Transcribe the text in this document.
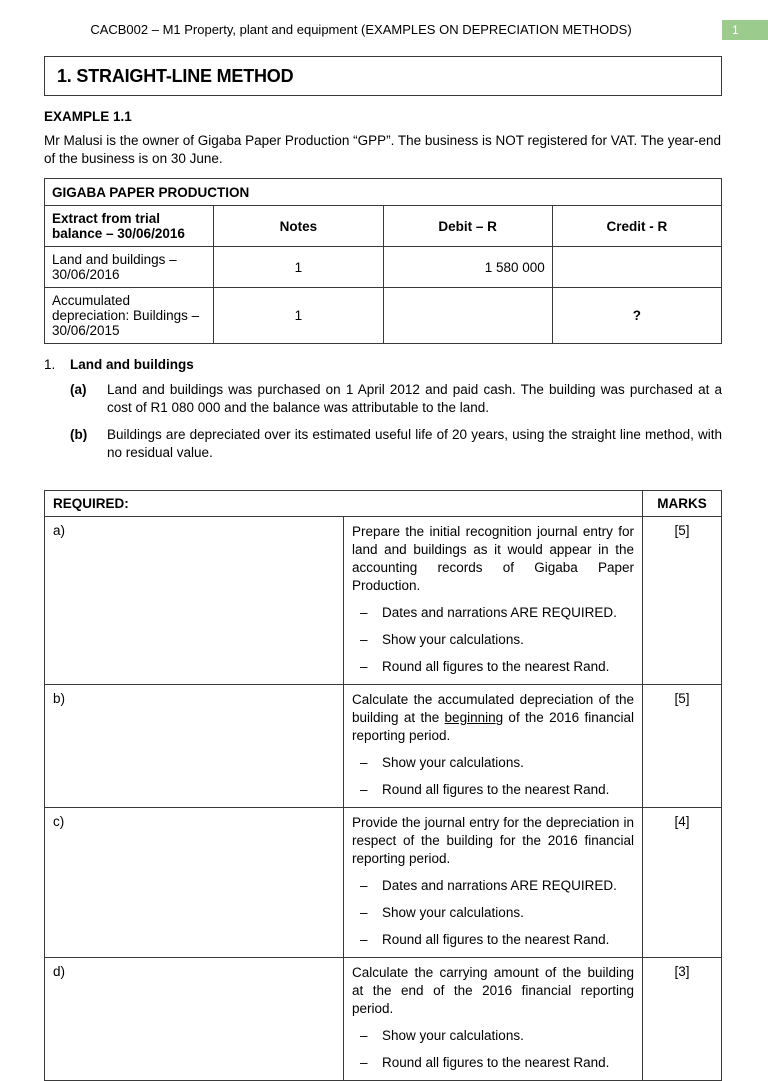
CACB002 – M1 Property, plant and equipment (EXAMPLES ON DEPRECIATION METHODS)	1
1. STRAIGHT-LINE METHOD
EXAMPLE 1.1
Mr Malusi is the owner of Gigaba Paper Production “GPP”. The business is NOT registered for VAT. The year-end of the business is on 30 June.
GIGABA PAPER PRODUCTION			
Extract from trial balance – 30/06/2016	Notes	Debit – R	Credit - R
Land and buildings – 30/06/2016	1	1 580 000	
Accumulated depreciation: Buildings – 30/06/2015	1		?
1. Land and buildings
(a) Land and buildings was purchased on 1 April 2012 and paid cash. The building was purchased at a cost of R1 080 000 and the balance was attributable to the land.
(b) Buildings are depreciated over its estimated useful life of 20 years, using the straight line method, with no residual value.
REQUIRED:		MARKS
a)	Prepare the initial recognition journal entry for land and buildings as it would appear in the accounting records of Gigaba Paper Production.
– Dates and narrations ARE REQUIRED.
– Show your calculations.
– Round all figures to the nearest Rand.
	[5]
b)	Calculate the accumulated depreciation of the building at the beginning of the 2016 financial reporting period.
– Show your calculations.
– Round all figures to the nearest Rand.
	[5]
c)	Provide the journal entry for the depreciation in respect of the building for the 2016 financial reporting period.
– Dates and narrations ARE REQUIRED.
– Show your calculations.
– Round all figures to the nearest Rand.
	[4]
d)	Calculate the carrying amount of the building at the end of the 2016 financial reporting period.
– Show your calculations.
– Round all figures to the nearest Rand.
	[3]
